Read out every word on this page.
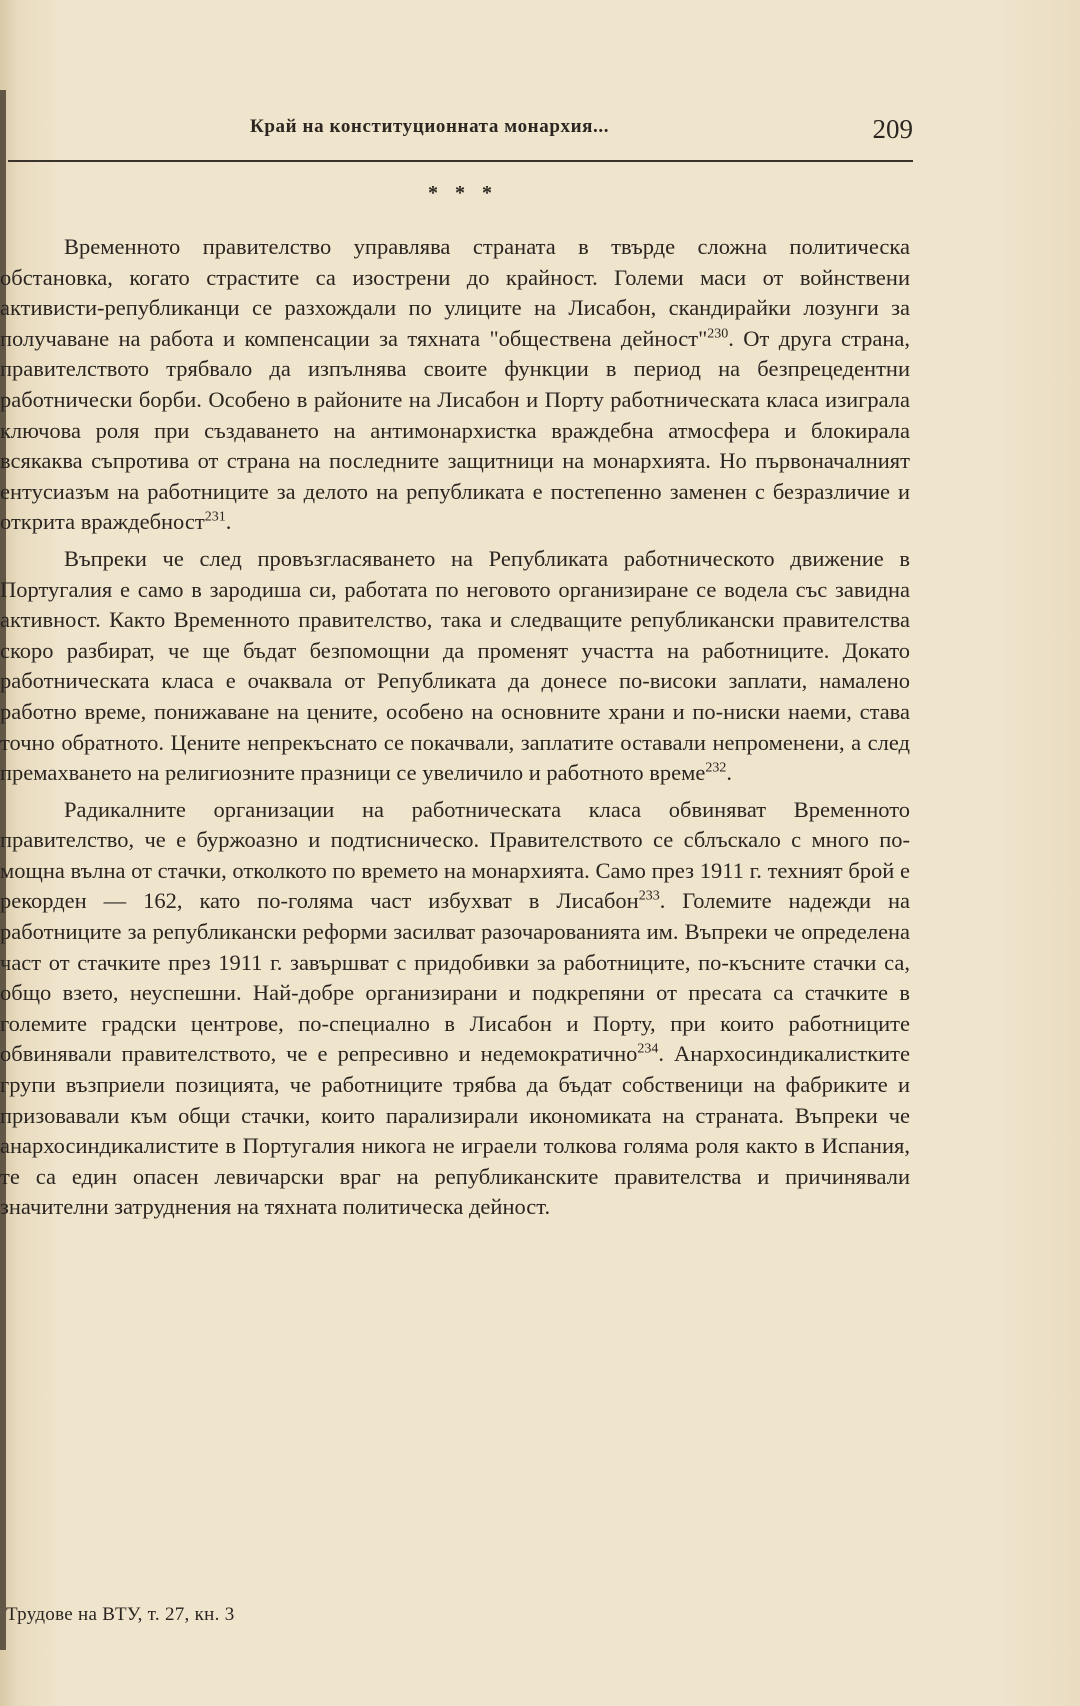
Край на конституционната монархия...	209
* * *

Временното правителство управлява страната в твърде сложна политическа обстановка, когато страстите са изострени до крайност. Големи маси от войнствени активисти-републиканци се разхождали по улиците на Лисабон, скандирайки лозунги за получаване на работа и компенсации за тяхната "обществена дейност"$^{230}$. От друга страна, правителството трябвало да изпълнява своите функции в период на безпрецедентни работнически борби. Особено в районите на Лисабон и Порту работническата класа изиграла ключова роля при създаването на антимонархистка враждебна атмосфера и блокирала всякаква съпротива от страна на последните защитници на монархията. Но първоначалният ентусиазъм на работниците за делото на републиката е постепенно заменен с безразличие и открита враждебност$^{231}$.

Въпреки че след провъзгласяването на Републиката работническото движение в Португалия е само в зародиша си, работата по неговото организиране се водела със завидна активност. Както Временното правителство, така и следващите републикански правителства скоро разбират, че ще бъдат безпомощни да променят участта на работниците. Докато работническата класа е очаквала от Републиката да донесе по-високи заплати, намалено работно време, понижаване на цените, особено на основните храни и по-ниски наеми, става точно обратното. Цените непрекъснато се покачвали, заплатите оставали непроменени, а след премахването на религиозните празници се увеличило и работното време$^{232}$.

Радикалните организации на работническата класа обвиняват Временното правителство, че е буржоазно и подтисническо. Правителството се сблъскало с много по-мощна вълна от стачки, отколкото по времето на монархията. Само през 1911 г. техният брой е рекорден — 162, като по-голяма част избухват в Лисабон$^{233}$. Големите надежди на работниците за републикански реформи засилват разочарованията им. Въпреки че определена част от стачките през 1911 г. завършват с придобивки за работниците, по-късните стачки са, общо взето, неуспешни. Най-добре организирани и подкрепяни от пресата са стачките в големите градски центрове, по-специално в Лисабон и Порту, при които работниците обвинявали правителството, че е репресивно и недемократично$^{234}$. Анархосиндикалистките групи възприели позицията, че работниците трябва да бъдат собственици на фабриките и призовавали към общи стачки, които парализирали икономиката на страната. Въпреки че анархосиндикалистите в Португалия никога не играели толкова голяма роля както в Испания, те са един опасен левичарски враг на републиканските правителства и причинявали значителни затруднения на тяхната политическа дейност.

Трудове на ВТУ, т. 27, кн. 3
